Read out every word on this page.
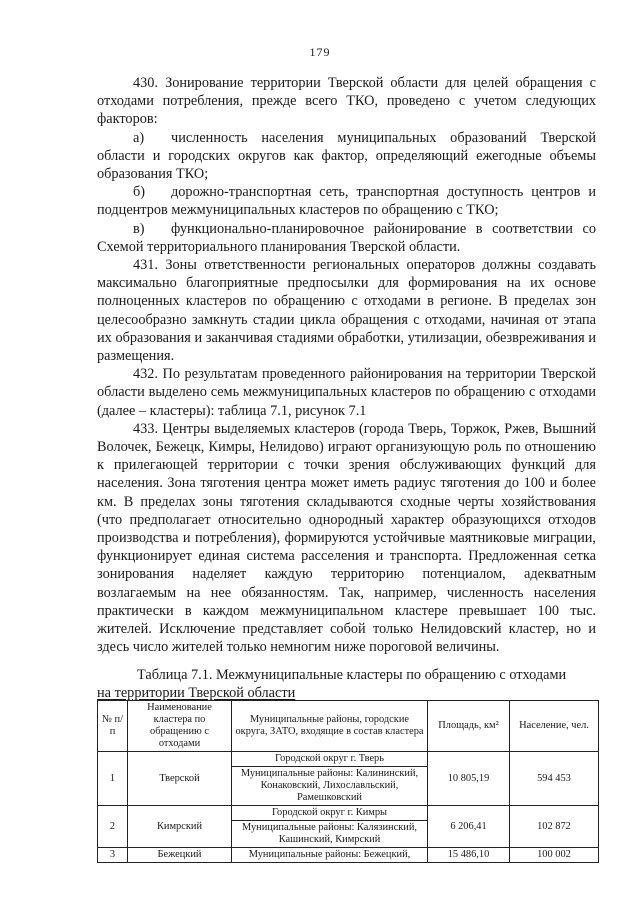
179

430. Зонирование территории Тверской области для целей обращения с отходами потребления, прежде всего ТКО, проведено с учетом следующих факторов:

а) численность населения муниципальных образований Тверской области и городских округов как фактор, определяющий ежегодные объемы образования ТКО;

б) дорожно-транспортная сеть, транспортная доступность центров и подцентров межмуниципальных кластеров по обращению с ТКО;

в) функционально-планировочное районирование в соответствии со Схемой территориального планирования Тверской области.

431. Зоны ответственности региональных операторов должны создавать максимально благоприятные предпосылки для формирования на их основе полноценных кластеров по обращению с отходами в регионе. В пределах зон целесообразно замкнуть стадии цикла обращения с отходами, начиная от этапа их образования и заканчивая стадиями обработки, утилизации, обезвреживания и размещения.

432. По результатам проведенного районирования на территории Тверской области выделено семь межмуниципальных кластеров по обращению с отходами (далее – кластеры): таблица 7.1, рисунок 7.1

433. Центры выделяемых кластеров (города Тверь, Торжок, Ржев, Вышний Волочек, Бежецк, Кимры, Нелидово) играют организующую роль по отношению к прилегающей территории с точки зрения обслуживающих функций для населения. Зона тяготения центра может иметь радиус тяготения до 100 и более км. В пределах зоны тяготения складываются сходные черты хозяйствования (что предполагает относительно однородный характер образующихся отходов производства и потребления), формируются устойчивые маятниковые миграции, функционирует единая система расселения и транспорта. Предложенная сетка зонирования наделяет каждую территорию потенциалом, адекватным возлагаемым на нее обязанностям. Так, например, численность населения практически в каждом межмуниципальном кластере превышает 100 тыс. жителей. Исключение представляет собой только Нелидовский кластер, но и здесь число жителей только немногим ниже пороговой величины.

Таблица 7.1. Межмуниципальные кластеры по обращению с отходами
на территории Тверской области
№ п/п	Наименование кластера по обращению с отходами	Муниципальные районы, городские округа, ЗАТО, входящие в состав кластера	Площадь, км²	Население, чел.
1	Тверской	Городской округ г. Тверь
Муниципальные районы: Калининский, Конаковский, Лихославльский, Рамешковский	10 805,19	594 453
2	Кимрский	Городской округ г. Кимры
Муниципальные районы: Калязинский, Кашинский, Кимрский	6 206,41	102 872
3	Бежецкий	Муниципальные районы: Бежецкий,	15 486,10	100 002
